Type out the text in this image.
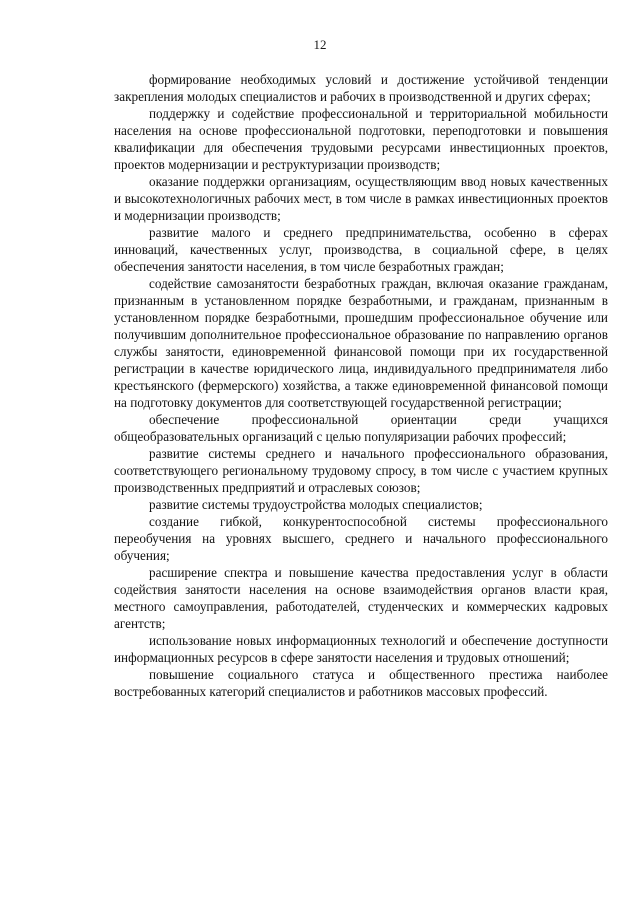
12

формирование необходимых условий и достижение устойчивой тенденции закрепления молодых специалистов и рабочих в производственной и других сферах;

поддержку и содействие профессиональной и территориальной мобильности населения на основе профессиональной подготовки, переподготовки и повышения квалификации для обеспечения трудовыми ресурсами инвестиционных проектов, проектов модернизации и реструктуризации производств;

оказание поддержки организациям, осуществляющим ввод новых качественных и высокотехнологичных рабочих мест, в том числе в рамках инвестиционных проектов и модернизации производств;

развитие малого и среднего предпринимательства, особенно в сферах инноваций, качественных услуг, производства, в социальной сфере, в целях обеспечения занятости населения, в том числе безработных граждан;

содействие самозанятости безработных граждан, включая оказание гражданам, признанным в установленном порядке безработными, и гражданам, признанным в установленном порядке безработными, прошедшим профессиональное обучение или получившим дополнительное профессиональное образование по направлению органов службы занятости, единовременной финансовой помощи при их государственной регистрации в качестве юридического лица, индивидуального предпринимателя либо крестьянского (фермерского) хозяйства, а также единовременной финансовой помощи на подготовку документов для соответствующей государственной регистрации;

обеспечение профессиональной ориентации среди учащихся общеобразовательных организаций с целью популяризации рабочих профессий;

развитие системы среднего и начального профессионального образования, соответствующего региональному трудовому спросу, в том числе с участием крупных производственных предприятий и отраслевых союзов;

развитие системы трудоустройства молодых специалистов;

создание гибкой, конкурентоспособной системы профессионального переобучения на уровнях высшего, среднего и начального профессионального обучения;

расширение спектра и повышение качества предоставления услуг в области содействия занятости населения на основе взаимодействия органов власти края, местного самоуправления, работодателей, студенческих и коммерческих кадровых агентств;

использование новых информационных технологий и обеспечение доступности информационных ресурсов в сфере занятости населения и трудовых отношений;

повышение социального статуса и общественного престижа наиболее востребованных категорий специалистов и работников массовых профессий.
